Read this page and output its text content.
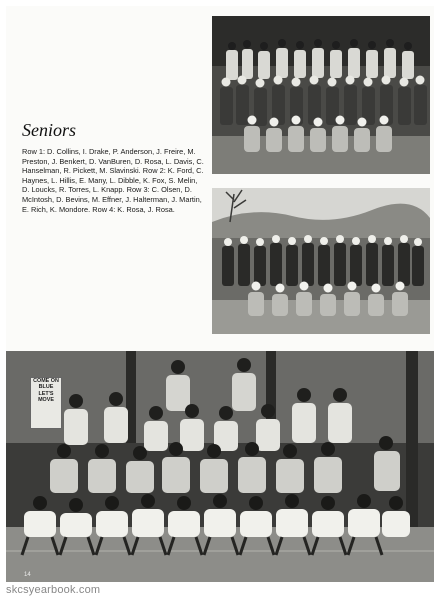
Seniors

Row 1: D. Collins, I. Drake, P. Anderson, J. Freire, M. Preston, J. Benkert, D. VanBuren, D. Rosa, L. Davis, C. Hanselman, R. Pickett, M. Slavinski. Row 2: K. Ford, C. Haynes, L. Hillis, E. Many, L. Dibble, K. Fox, S. Melin, D. Loucks, R. Torres, L. Knapp. Row 3: C. Olsen, D. McIntosh, D. Bevins, M. Effner, J. Halterman, J. Martin, E. Rich, K. Mondore. Row 4: K. Rosa, J. Rosa.

COME ON
BLUE
LET'S
MOVE
14
skcsyearbook.com
